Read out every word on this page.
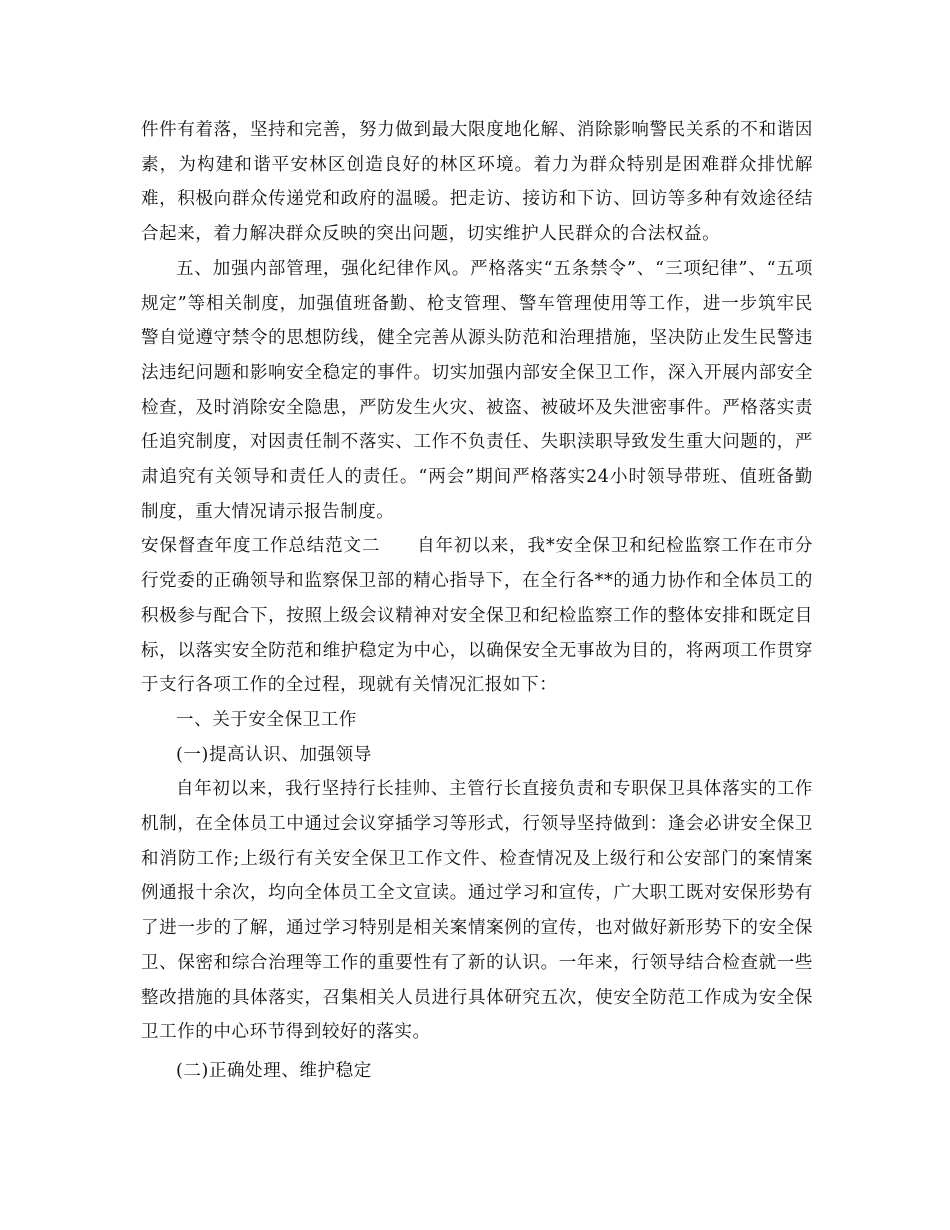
件件有着落，坚持和完善，努力做到最大限度地化解、消除影响警民关系的不和谐因素，为构建和谐平安林区创造良好的林区环境。着力为群众特别是困难群众排忧解难，积极向群众传递党和政府的温暖。把走访、接访和下访、回访等多种有效途径结合起来，着力解决群众反映的突出问题，切实维护人民群众的合法权益。

五、加强内部管理，强化纪律作风。严格落实“五条禁令”、“三项纪律”、“五项规定”等相关制度，加强值班备勤、枪支管理、警车管理使用等工作，进一步筑牢民警自觉遵守禁令的思想防线，健全完善从源头防范和治理措施，坚决防止发生民警违法违纪问题和影响安全稳定的事件。切实加强内部安全保卫工作，深入开展内部安全检查，及时消除安全隐患，严防发生火灾、被盗、被破坏及失泄密事件。严格落实责任追究制度，对因责任制不落实、工作不负责任、失职渎职导致发生重大问题的，严肃追究有关领导和责任人的责任。“两会”期间严格落实24小时领导带班、值班备勤制度，重大情况请示报告制度。

安保督查年度工作总结范文二　　自年初以来，我*安全保卫和纪检监察工作在市分行党委的正确领导和监察保卫部的精心指导下，在全行各**的通力协作和全体员工的积极参与配合下，按照上级会议精神对安全保卫和纪检监察工作的整体安排和既定目标，以落实安全防范和维护稳定为中心，以确保安全无事故为目的，将两项工作贯穿于支行各项工作的全过程，现就有关情况汇报如下：

一、关于安全保卫工作

(一)提高认识、加强领导

自年初以来，我行坚持行长挂帅、主管行长直接负责和专职保卫具体落实的工作机制，在全体员工中通过会议穿插学习等形式，行领导坚持做到：逢会必讲安全保卫和消防工作;上级行有关安全保卫工作文件、检查情况及上级行和公安部门的案情案例通报十余次，均向全体员工全文宣读。通过学习和宣传，广大职工既对安保形势有了进一步的了解，通过学习特别是相关案情案例的宣传，也对做好新形势下的安全保卫、保密和综合治理等工作的重要性有了新的认识。一年来，行领导结合检查就一些整改措施的具体落实，召集相关人员进行具体研究五次，使安全防范工作成为安全保卫工作的中心环节得到较好的落实。

(二)正确处理、维护稳定
